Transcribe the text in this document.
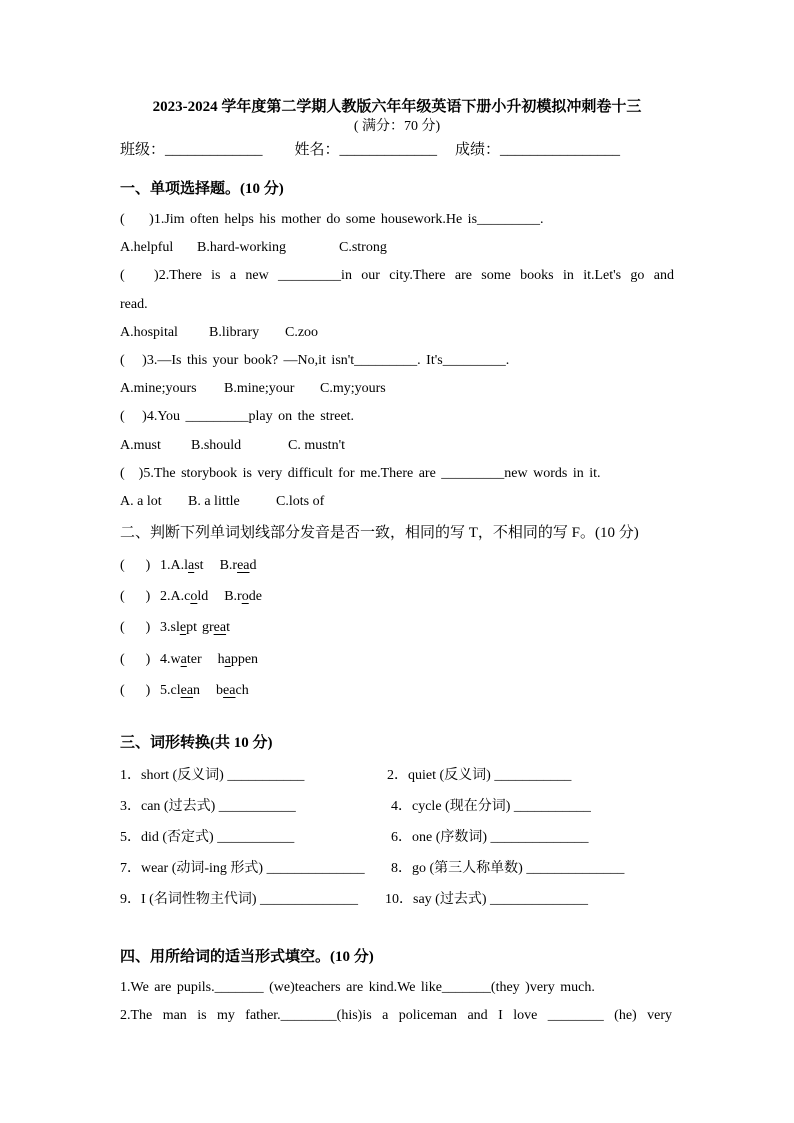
2023-2024 学年度第二学期人教版六年年级英语下册小升初模拟冲刺卷十三
( 满分：70 分)
班级：_____________ 姓名：_____________ 成绩：________________
一、单项选择题。(10 分)
(       )1.Jim often helps his mother do some housework.He is_________.
A.helpful B.hard-working	C.strong
(    )2.There is a new _________in our city.There are some books in it.Let's go and
read.
A.hospital B.library C.zoo
(     )3.—Is this your book? —No,it isn't_________. It's_________.
A.mine;yours B.mine;your C.my;yours
(     )4.You _________play on the street.
A.must B.should	C. mustn't
(    )5.The storybook is very difficult for me.There are _________new words in it.
A. a lot B. a little	C.lots of
二、判断下列单词划线部分发音是否一致，相同的写 T，不相同的写 F。(10 分)
(      ) 1.A.last B.read
(      ) 2.A.cold B.rode
(      ) 3.slept great
(      ) 4.water happen
(      ) 5.clean beach
三、词形转换(共 10 分)
1．short (反义词) ___________	2．quiet (反义词) ___________
3．can (过去式) ___________	4．cycle (现在分词) ___________
5．did (否定式) ___________	6．one (序数词) ______________
7．wear (动词-ing 形式) ______________	8．go (第三人称单数) ______________
9．I (名词性物主代词) ______________	10．say (过去式) ______________
四、用所给词的适当形式填空。(10 分)
1.We are pupils._______ (we)teachers are kind.We like_______(they )very much.
2.The man is my father.________(his)is a policeman and I love ________ (he) very
